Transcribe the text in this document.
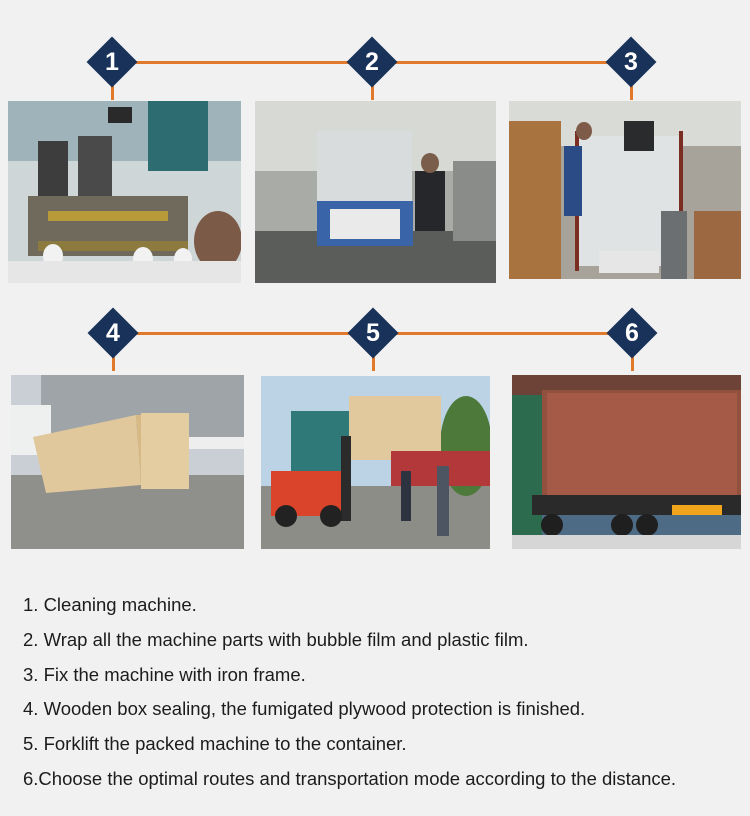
1	2	3
4	5	6
1. Cleaning machine.
2. Wrap all the machine parts with bubble film and plastic film.
3. Fix the machine with iron frame.
4. Wooden box sealing, the fumigated plywood protection is finished.
5. Forklift the packed machine to the container.
6.Choose the optimal routes and transportation mode according to the distance.
